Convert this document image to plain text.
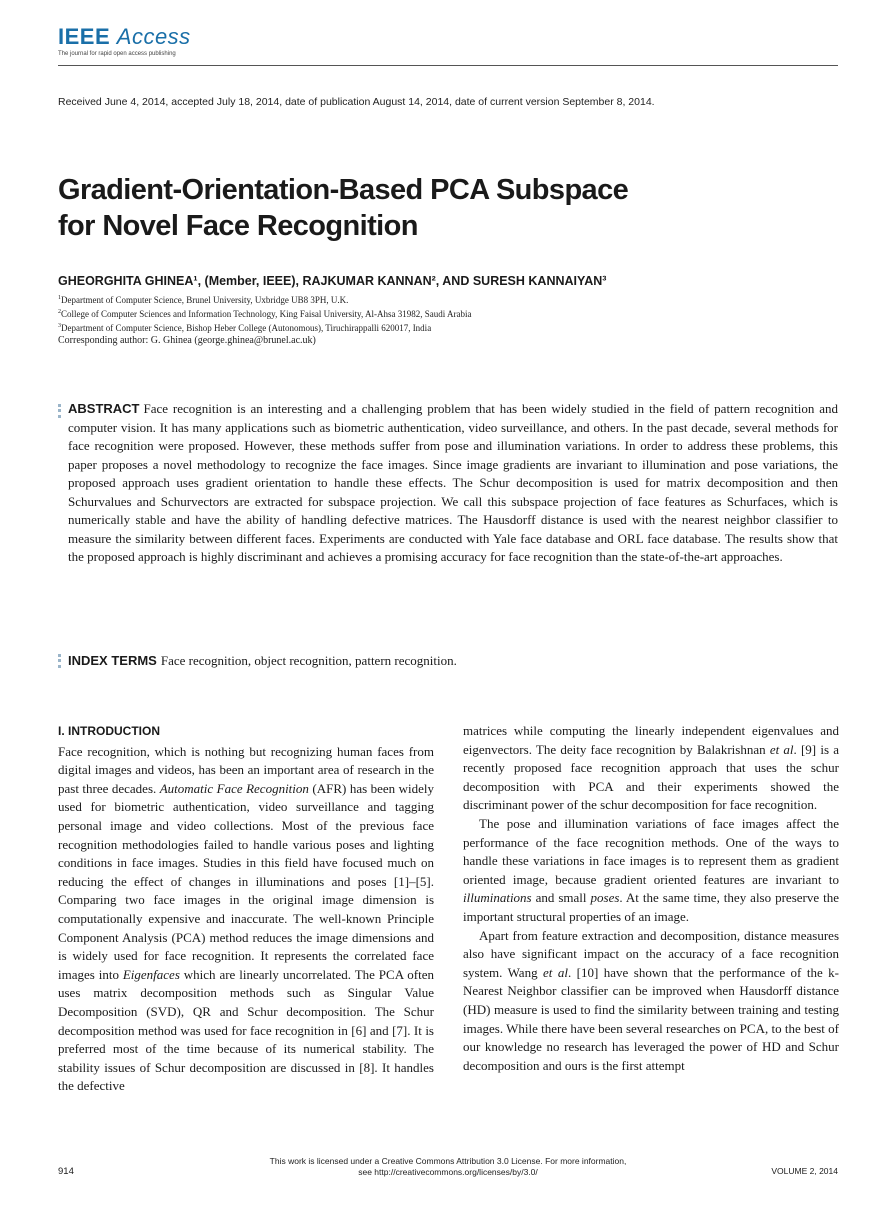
IEEE Access
The journal for rapid open access publishing
Received June 4, 2014, accepted July 18, 2014, date of publication August 14, 2014, date of current version September 8, 2014.
Gradient-Orientation-Based PCA Subspace
for Novel Face Recognition
GHEORGHITA GHINEA¹, (Member, IEEE), RAJKUMAR KANNAN², AND SURESH KANNAIYAN³
$^1$Department of Computer Science, Brunel University, Uxbridge UB8 3PH, U.K.
$^2$College of Computer Sciences and Information Technology, King Faisal University, Al-Ahsa 31982, Saudi Arabia
$^3$Department of Computer Science, Bishop Heber College (Autonomous), Tiruchirappalli 620017, India
Corresponding author: G. Ghinea (george.ghinea@brunel.ac.uk)

ABSTRACT Face recognition is an interesting and a challenging problem that has been widely studied in the field of pattern recognition and computer vision. It has many applications such as biometric authentication, video surveillance, and others. In the past decade, several methods for face recognition were proposed. However, these methods suffer from pose and illumination variations. In order to address these problems, this paper proposes a novel methodology to recognize the face images. Since image gradients are invariant to illumination and pose variations, the proposed approach uses gradient orientation to handle these effects. The Schur decomposition is used for matrix decomposition and then Schurvalues and Schurvectors are extracted for subspace projection. We call this subspace projection of face features as Schurfaces, which is numerically stable and have the ability of handling defective matrices. The Hausdorff distance is used with the nearest neighbor classifier to measure the similarity between different faces. Experiments are conducted with Yale face database and ORL face database. The results show that the proposed approach is highly discriminant and achieves a promising accuracy for face recognition than the state-of-the-art approaches.

INDEX TERMS Face recognition, object recognition, pattern recognition.

I. INTRODUCTION

Face recognition, which is nothing but recognizing human faces from digital images and videos, has been an important area of research in the past three decades. Automatic Face Recognition (AFR) has been widely used for biometric authentication, video surveillance and tagging personal image and video collections. Most of the previous face recognition methodologies failed to handle various poses and lighting conditions in face images. Studies in this field have focused much on reducing the effect of changes in illuminations and poses [1]–[5]. Comparing two face images in the original image dimension is computationally expensive and inaccurate. The well-known Principle Component Analysis (PCA) method reduces the image dimensions and is widely used for face recognition. It represents the correlated face images into Eigenfaces which are linearly uncorrelated. The PCA often uses matrix decomposition methods such as Singular Value Decomposition (SVD), QR and Schur decomposition. The Schur decomposition method was used for face recognition in [6] and [7]. It is preferred most of the time because of its numerical stability. The stability issues of Schur decomposition are discussed in [8]. It handles the defective

matrices while computing the linearly independent eigenvalues and eigenvectors. The deity face recognition by Balakrishnan et al. [9] is a recently proposed face recognition approach that uses the schur decomposition with PCA and their experiments showed the discriminant power of the schur decomposition for face recognition.

The pose and illumination variations of face images affect the performance of the face recognition methods. One of the ways to handle these variations in face images is to represent them as gradient oriented image, because gradient oriented features are invariant to illuminations and small poses. At the same time, they also preserve the important structural properties of an image.

Apart from feature extraction and decomposition, distance measures also have significant impact on the accuracy of a face recognition system. Wang et al. [10] have shown that the performance of the k-Nearest Neighbor classifier can be improved when Hausdorff distance (HD) measure is used to find the similarity between training and testing images. While there have been several researches on PCA, to the best of our knowledge no research has leveraged the power of HD and Schur decomposition and ours is the first attempt

This work is licensed under a Creative Commons Attribution 3.0 License. For more information,
see http://creativecommons.org/licenses/by/3.0/
914	VOLUME 2, 2014
